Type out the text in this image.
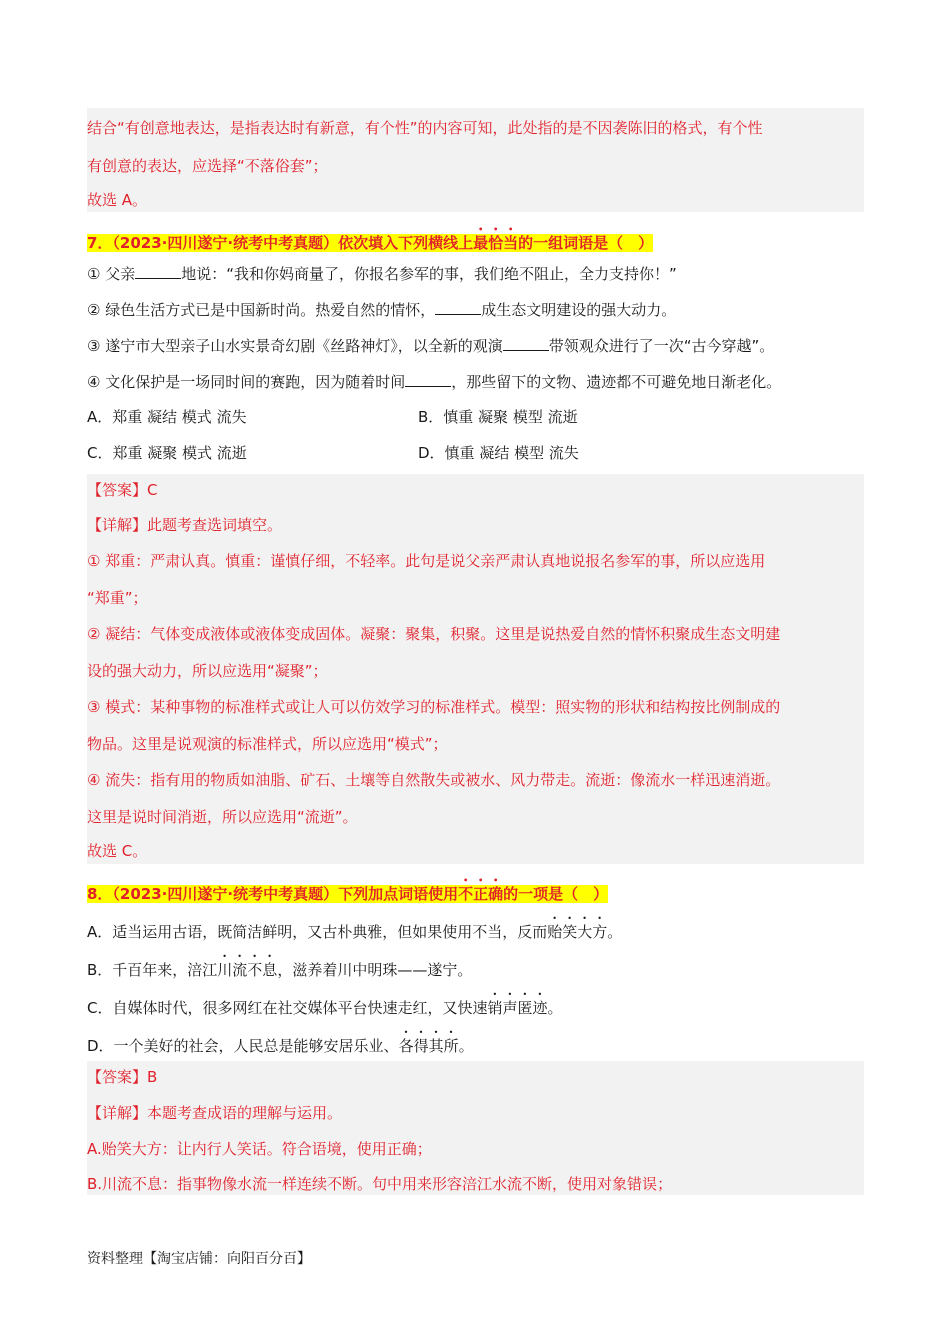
结合“有创意地表达，是指表达时有新意，有个性”的内容可知，此处指的是不因袭陈旧的格式，有个性
有创意的表达，应选择“不落俗套”；
故选 A。
7．（2023·四川遂宁·统考中考真题）依次填入下列横线上最恰当的一组词语是（　）
① 父亲	地说：“我和你妈商量了，你报名参军的事，我们绝不阻止，全力支持你！”
② 绿色生活方式已是中国新时尚。热爱自然的情怀，	成生态文明建设的强大动力。
③ 遂宁市大型亲子山水实景奇幻剧《丝路神灯》，以全新的观演	带领观众进行了一次“古今穿越”。
④ 文化保护是一场同时间的赛跑，因为随着时间	，那些留下的文物、遗迹都不可避免地日渐老化。
A．郑重 凝结 模式 流失	B．慎重 凝聚 模型 流逝
C．郑重 凝聚 模式 流逝	D．慎重 凝结 模型 流失
【答案】C
【详解】此题考查选词填空。
① 郑重：严肃认真。慎重：谨慎仔细，不轻率。此句是说父亲严肃认真地说报名参军的事，所以应选用
“郑重”；
② 凝结：气体变成液体或液体变成固体。凝聚：聚集，积聚。这里是说热爱自然的情怀积聚成生态文明建
设的强大动力，所以应选用“凝聚”；
③ 模式：某种事物的标准样式或让人可以仿效学习的标准样式。模型：照实物的形状和结构按比例制成的
物品。这里是说观演的标准样式，所以应选用“模式”；
④ 流失：指有用的物质如油脂、矿石、土壤等自然散失或被水、风力带走。流逝：像流水一样迅速消逝。
这里是说时间消逝，所以应选用“流逝”。
故选 C。
8．（2023·四川遂宁·统考中考真题）下列加点词语使用不正确的一项是（　）
A．适当运用古语，既简洁鲜明，又古朴典雅，但如果使用不当，反而贻笑大方。
B．千百年来，涪江川流不息，滋养着川中明珠——遂宁。
C．自媒体时代，很多网红在社交媒体平台快速走红，又快速销声匿迹。
D．一个美好的社会，人民总是能够安居乐业、各得其所。
【答案】B
【详解】本题考查成语的理解与运用。
A.贻笑大方：让内行人笑话。符合语境，使用正确；
B.川流不息：指事物像水流一样连续不断。句中用来形容涪江水流不断，使用对象错误；
资料整理【淘宝店铺：向阳百分百】
